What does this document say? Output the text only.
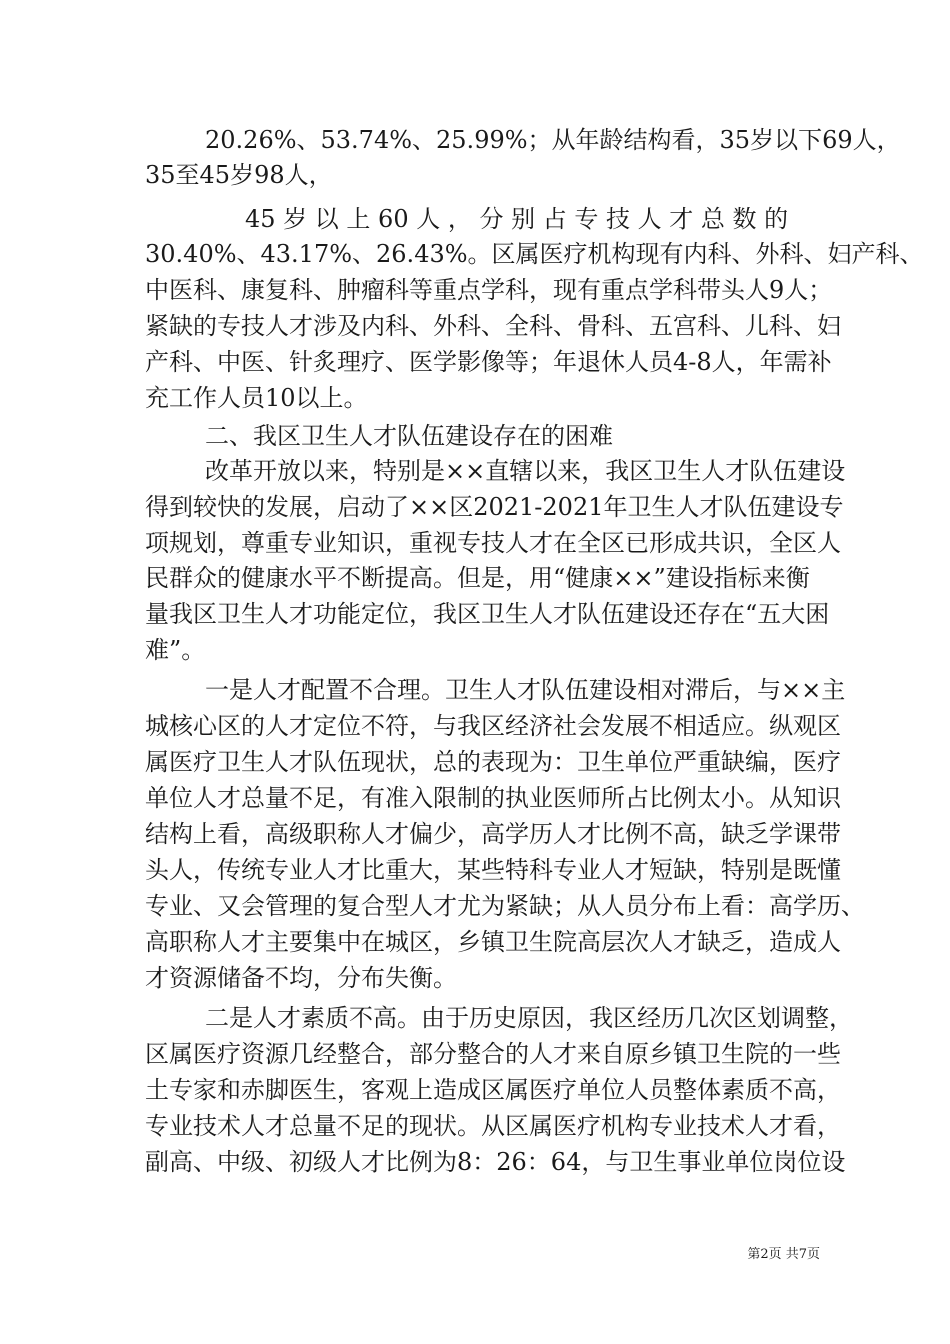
20.26%、53.74%、25.99%；从年龄结构看，35岁以下69人，
35至45岁98人，
45 岁 以 上 60 人 ， 分 别 占 专 技 人 才 总 数 的
30.40%、43.17%、26.43%。区属医疗机构现有内科、外科、妇产科、
中医科、康复科、肿瘤科等重点学科，现有重点学科带头人9人；
紧缺的专技人才涉及内科、外科、全科、骨科、五宫科、儿科、妇
产科、中医、针炙理疗、医学影像等；年退休人员4-8人，年需补
充工作人员10以上。
二、我区卫生人才队伍建设存在的困难
改革开放以来，特别是××直辖以来，我区卫生人才队伍建设
得到较快的发展，启动了××区2021-2021年卫生人才队伍建设专
项规划，尊重专业知识，重视专技人才在全区已形成共识，全区人
民群众的健康水平不断提高。但是，用“健康××”建设指标来衡
量我区卫生人才功能定位，我区卫生人才队伍建设还存在“五大困
难”。
一是人才配置不合理。卫生人才队伍建设相对滞后，与××主
城核心区的人才定位不符，与我区经济社会发展不相适应。纵观区
属医疗卫生人才队伍现状，总的表现为：卫生单位严重缺编，医疗
单位人才总量不足，有准入限制的执业医师所占比例太小。从知识
结构上看，高级职称人才偏少，高学历人才比例不高，缺乏学课带
头人，传统专业人才比重大，某些特科专业人才短缺，特别是既懂
专业、又会管理的复合型人才尤为紧缺；从人员分布上看：高学历、
高职称人才主要集中在城区，乡镇卫生院高层次人才缺乏，造成人
才资源储备不均，分布失衡。
二是人才素质不高。由于历史原因，我区经历几次区划调整，
区属医疗资源几经整合，部分整合的人才来自原乡镇卫生院的一些
土专家和赤脚医生，客观上造成区属医疗单位人员整体素质不高，
专业技术人才总量不足的现状。从区属医疗机构专业技术人才看，
副高、中级、初级人才比例为8：26：64，与卫生事业单位岗位设
第2页 共7页
